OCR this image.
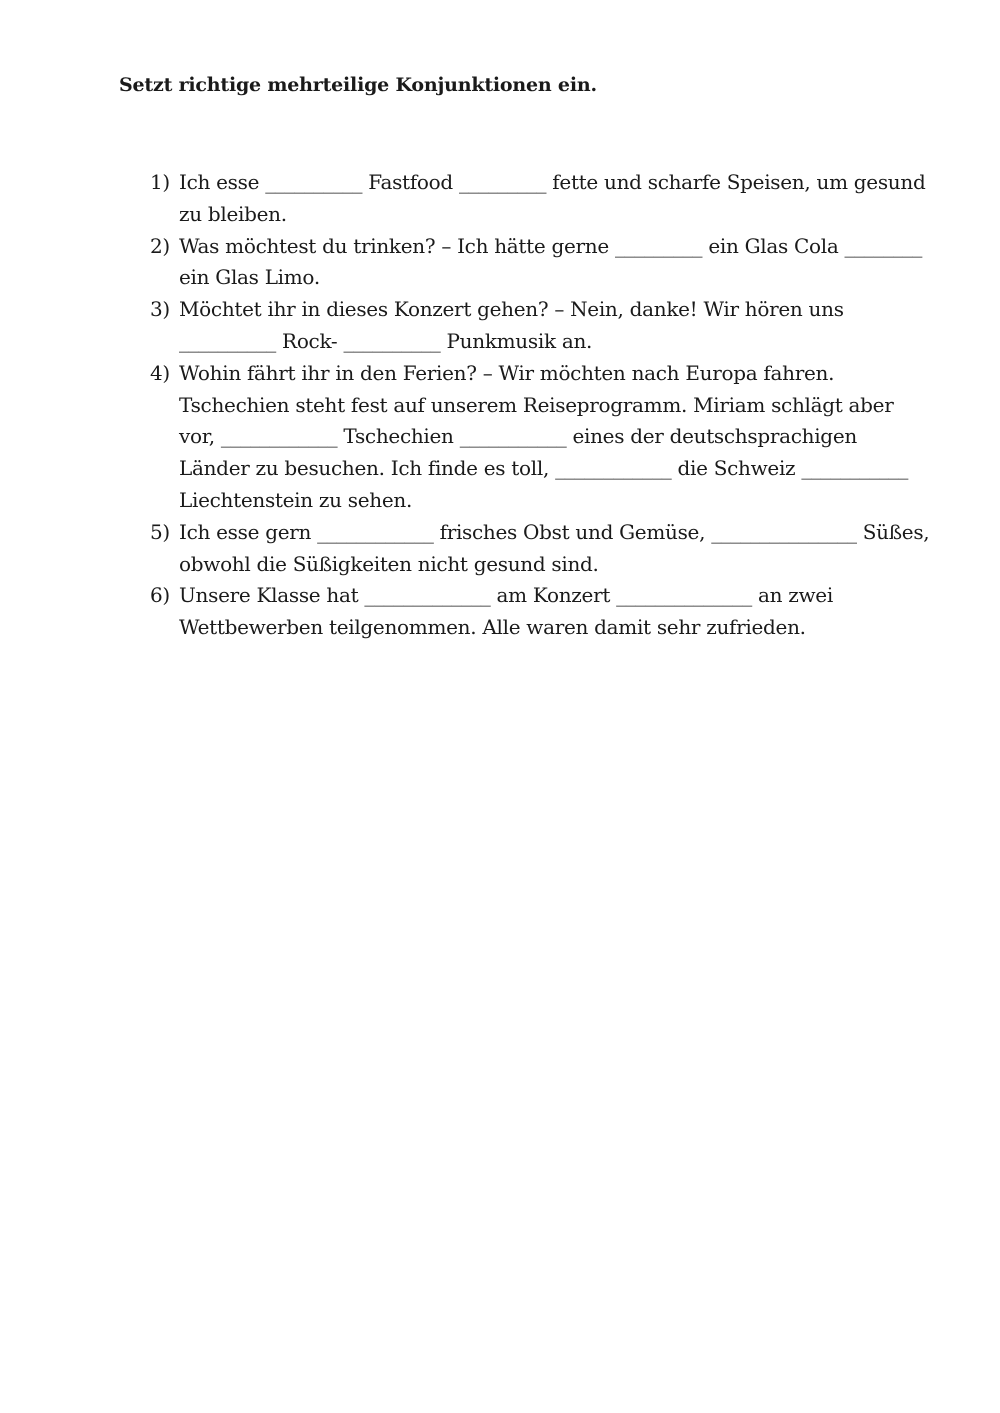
Setzt richtige mehrteilige Konjunktionen ein.
1) Ich esse __________ Fastfood _________ fette und scharfe Speisen, um gesund zu bleiben.
2) Was möchtest du trinken? – Ich hätte gerne _________ ein Glas Cola ________ ein Glas Limo.
3) Möchtet ihr in dieses Konzert gehen? – Nein, danke! Wir hören uns __________ Rock- __________ Punkmusik an.
4) Wohin fährt ihr in den Ferien? – Wir möchten nach Europa fahren. Tschechien steht fest auf unserem Reiseprogramm. Miriam schlägt aber vor, ____________ Tschechien ___________ eines der deutschsprachigen Länder zu besuchen. Ich finde es toll, ____________ die Schweiz ___________ Liechtenstein zu sehen.
5) Ich esse gern ____________ frisches Obst und Gemüse, _______________ Süßes, obwohl die Süßigkeiten nicht gesund sind.
6) Unsere Klasse hat _____________ am Konzert ______________ an zwei Wettbewerben teilgenommen. Alle waren damit sehr zufrieden.
